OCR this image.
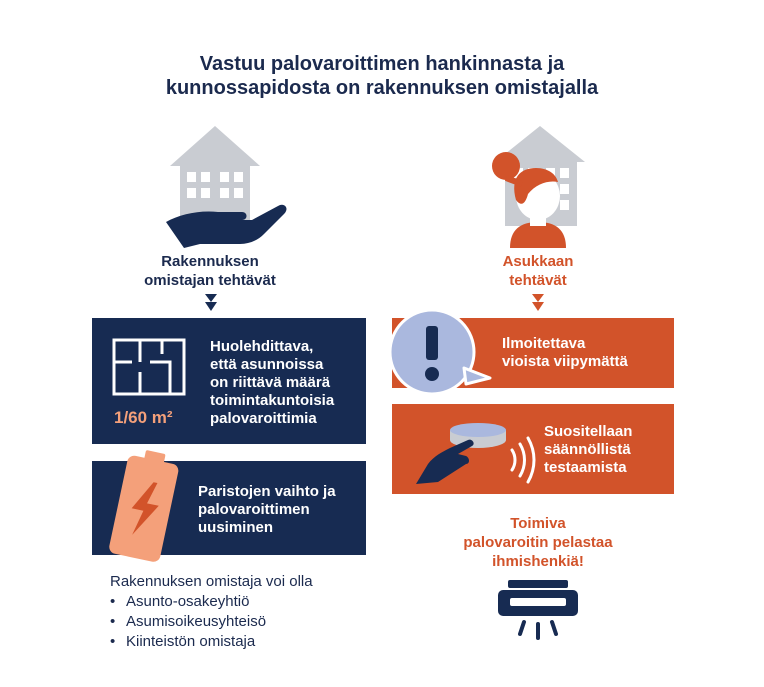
Vastuu palovaroittimen hankinnasta ja
kunnossapidosta on rakennuksen omistajalla
Rakennuksen
omistajan tehtävät
1/60 m²
Huolehdittava,
että asunnoissa
on riittävä määrä
toimintakuntoisia
palovaroittimia
Paristojen vaihto ja
palovaroittimen
uusiminen
Rakennuksen omistaja voi olla
• Asunto-osakeyhtiö
• Asumisoikeusyhteisö
• Kiinteistön omistaja
Asukkaan
tehtävät
Ilmoitettava
vioista viipymättä
Suositellaan
säännöllistä
testaamista
Toimiva
palovaroitin pelastaa
ihmishenkiä!
